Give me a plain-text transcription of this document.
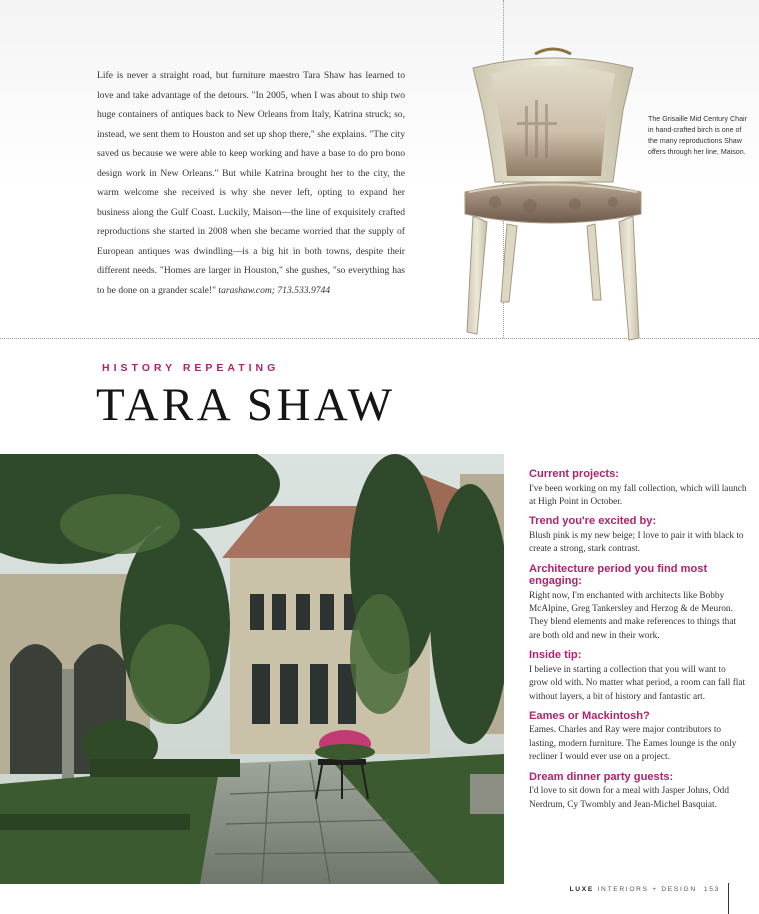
Life is never a straight road, but furniture maestro Tara Shaw has learned to love and take advantage of the detours. "In 2005, when I was about to ship two huge containers of antiques back to New Orleans from Italy, Katrina struck; so, instead, we sent them to Houston and set up shop there," she explains. "The city saved us because we were able to keep working and have a base to do pro bono design work in New Orleans." But while Katrina brought her to the city, the warm welcome she received is why she never left, opting to expand her business along the Gulf Coast. Luckily, Maison—the line of exquisitely crafted reproductions she started in 2008 when she became worried that the supply of European antiques was dwindling—is a big hit in both towns, despite their different needs. "Homes are larger in Houston," she gushes, "so everything has to be done on a grander scale!" tarashaw.com; 713.533.9744

The Grisaille Mid Century Chair in hand-crafted birch is one of the many reproductions Shaw offers through her line, Maison.

HISTORY REPEATING
TARA SHAW

Current projects:

I've been working on my fall collection, which will launch at High Point in October.

Trend you're excited by:

Blush pink is my new beige; I love to pair it with black to create a strong, stark contrast.

Architecture period you find most engaging:

Right now, I'm enchanted with architects like Bobby McAlpine, Greg Tankersley and Herzog & de Meuron. They blend elements and make references to things that are both old and new in their work.

Inside tip:

I believe in starting a collection that you will want to grow old with. No matter what period, a room can fall flat without layers, a bit of history and fantastic art.

Eames or Mackintosh?

Eames. Charles and Ray were major contributors to lasting, modern furniture. The Eames lounge is the only recliner I would ever use on a project.

Dream dinner party guests:

I'd love to sit down for a meal with Jasper Johns, Odd Nerdrum, Cy Twombly and Jean-Michel Basquiat.

LUXE INTERIORS + DESIGN 153
